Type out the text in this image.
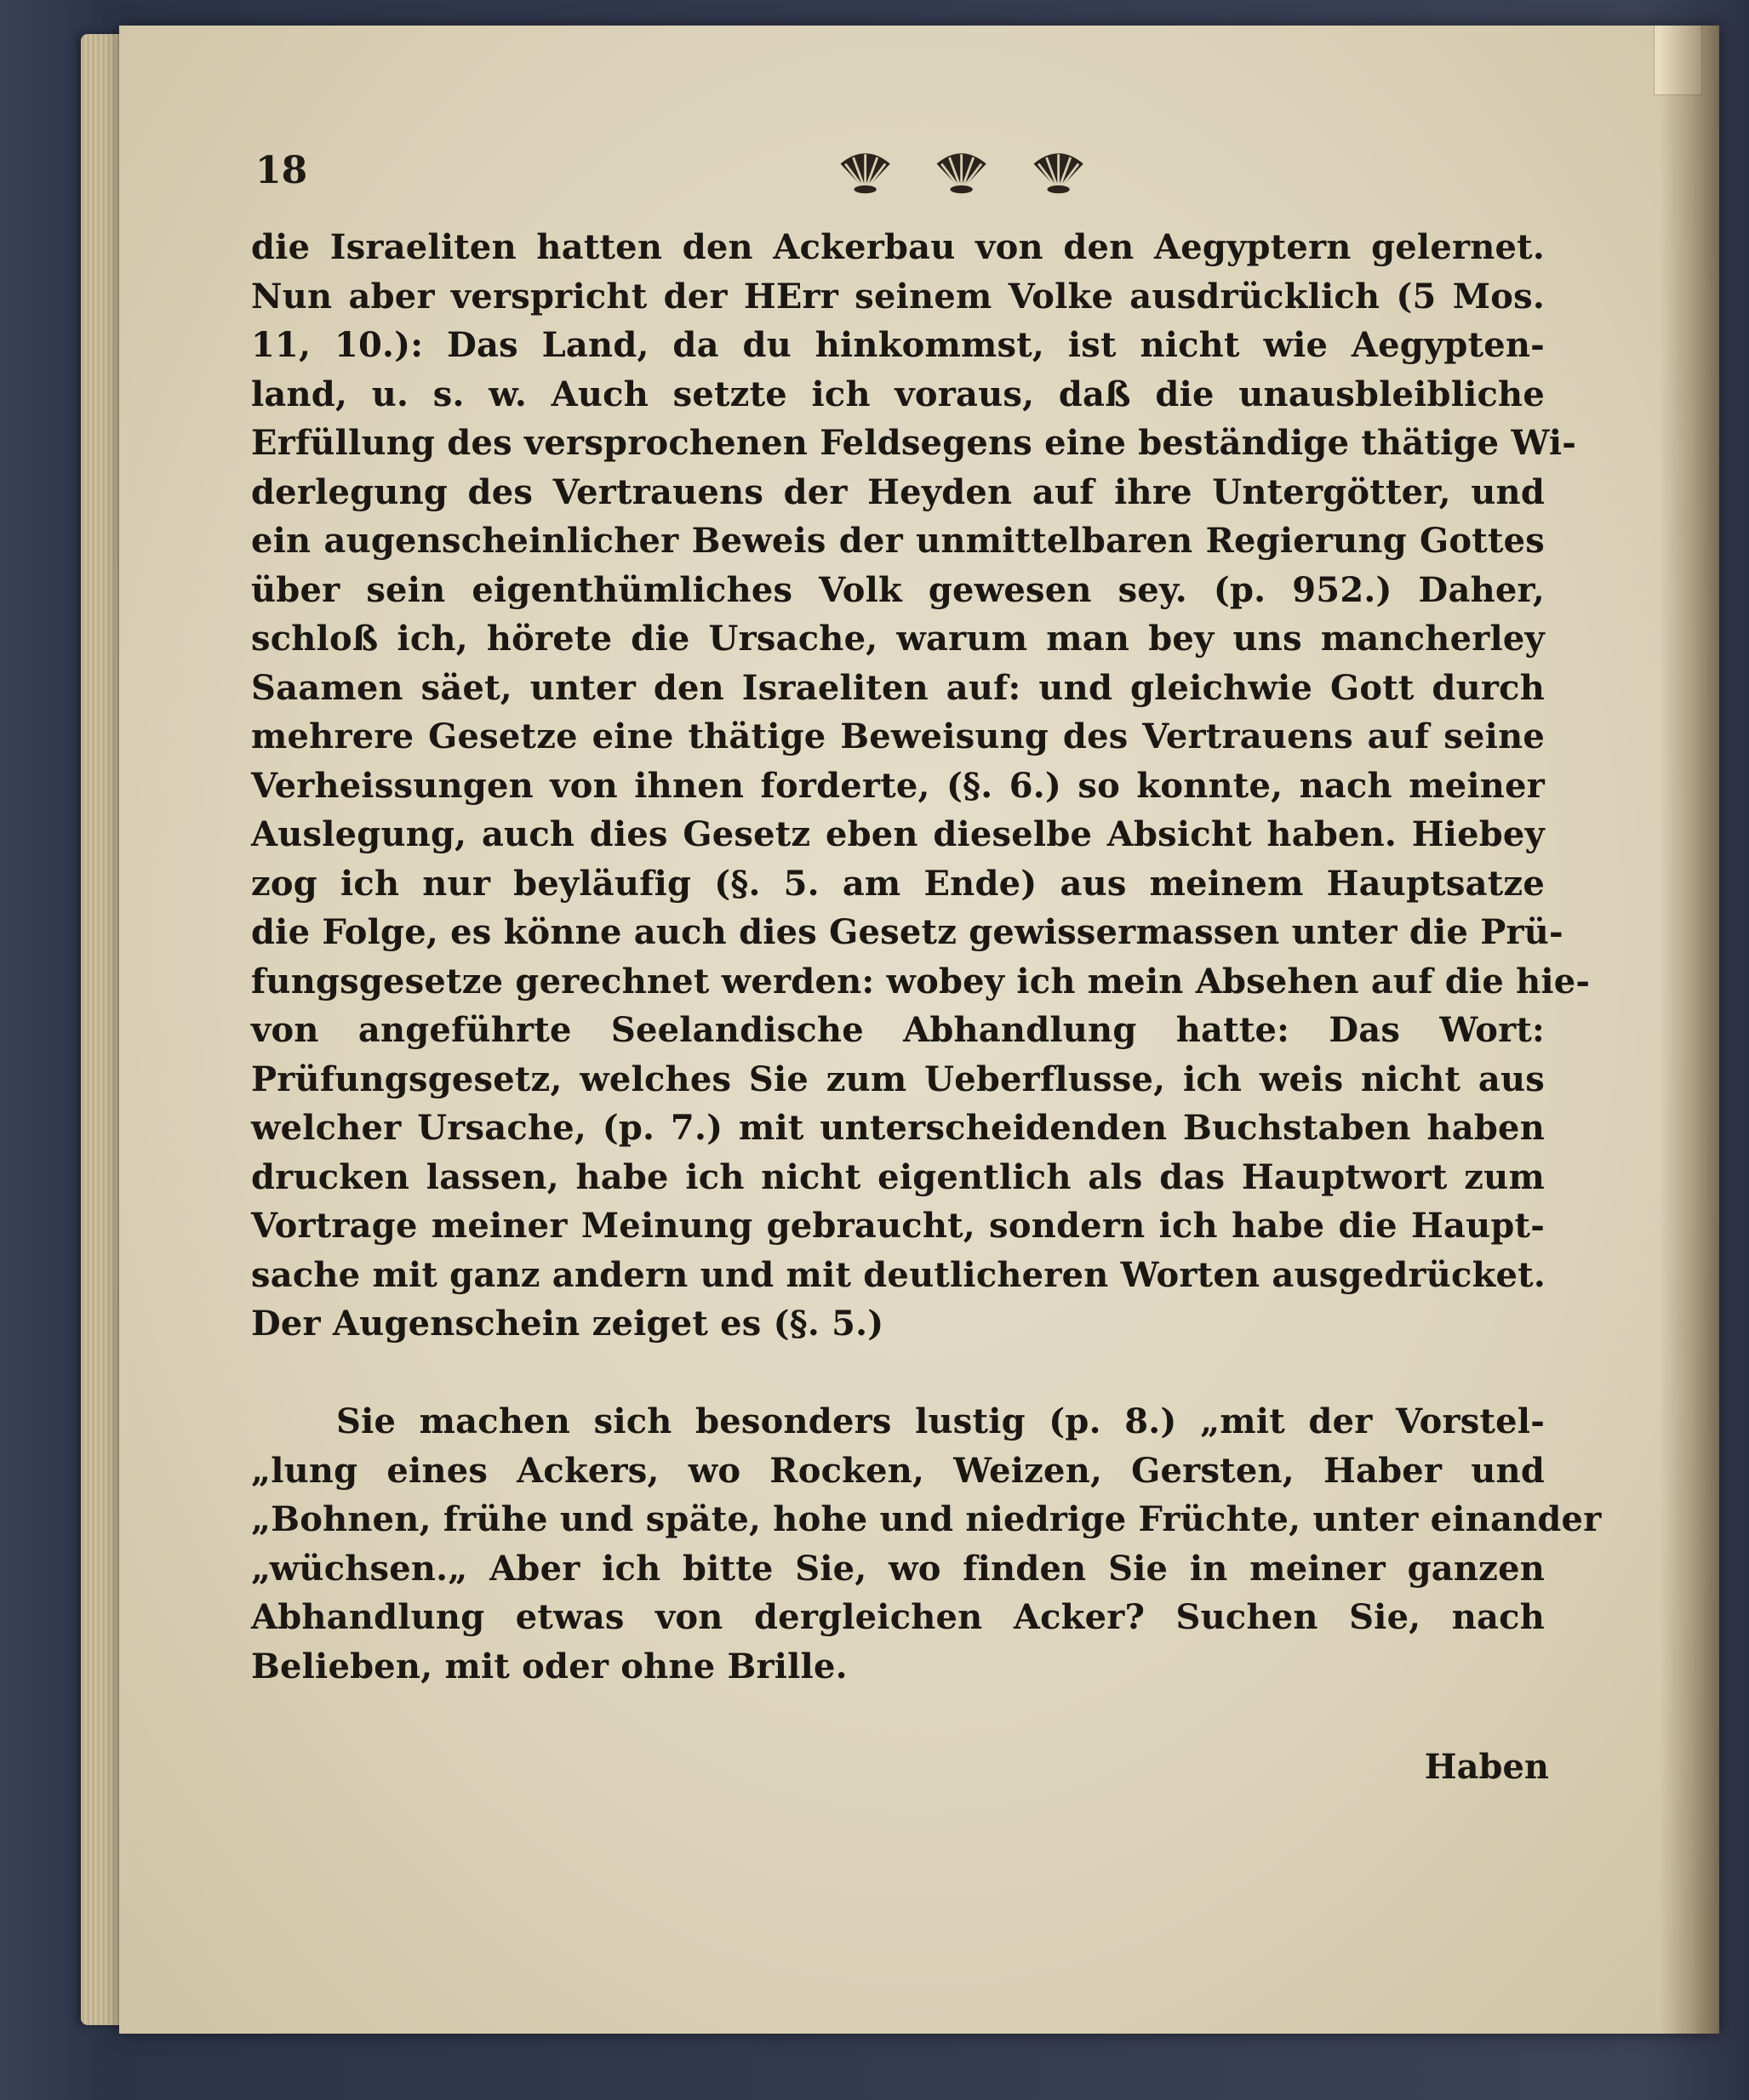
18
die Israeliten hatten den Ackerbau von den Aegyptern gelernet.
Nun aber verspricht der HErr seinem Volke ausdrücklich (5 Mos.
11, 10.): Das Land, da du hinkommst, ist nicht wie Aegypten-
land, u. s. w. Auch setzte ich voraus, daß die unausbleibliche
Erfüllung des versprochenen Feldsegens eine beständige thätige Wi-
derlegung des Vertrauens der Heyden auf ihre Untergötter, und
ein augenscheinlicher Beweis der unmittelbaren Regierung Gottes
über sein eigenthümliches Volk gewesen sey. (p. 952.) Daher,
schloß ich, hörete die Ursache, warum man bey uns mancherley
Saamen säet, unter den Israeliten auf: und gleichwie Gott durch
mehrere Gesetze eine thätige Beweisung des Vertrauens auf seine
Verheissungen von ihnen forderte, (§. 6.) so konnte, nach meiner
Auslegung, auch dies Gesetz eben dieselbe Absicht haben. Hiebey
zog ich nur beyläufig (§. 5. am Ende) aus meinem Hauptsatze
die Folge, es könne auch dies Gesetz gewissermassen unter die Prü-
fungsgesetze gerechnet werden: wobey ich mein Absehen auf die hie-
von angeführte Seelandische Abhandlung hatte: Das Wort:
Prüfungsgesetz, welches Sie zum Ueberflusse, ich weis nicht aus
welcher Ursache, (p. 7.) mit unterscheidenden Buchstaben haben
drucken lassen, habe ich nicht eigentlich als das Hauptwort zum
Vortrage meiner Meinung gebraucht, sondern ich habe die Haupt-
sache mit ganz andern und mit deutlicheren Worten ausgedrücket.
Der Augenschein zeiget es (§. 5.)
Sie machen sich besonders lustig (p. 8.) „mit der Vorstel-
„lung eines Ackers, wo Rocken, Weizen, Gersten, Haber und
„Bohnen, frühe und späte, hohe und niedrige Früchte, unter einander
„wüchsen.„ Aber ich bitte Sie, wo finden Sie in meiner ganzen
Abhandlung etwas von dergleichen Acker? Suchen Sie, nach
Belieben, mit oder ohne Brille.
Haben
